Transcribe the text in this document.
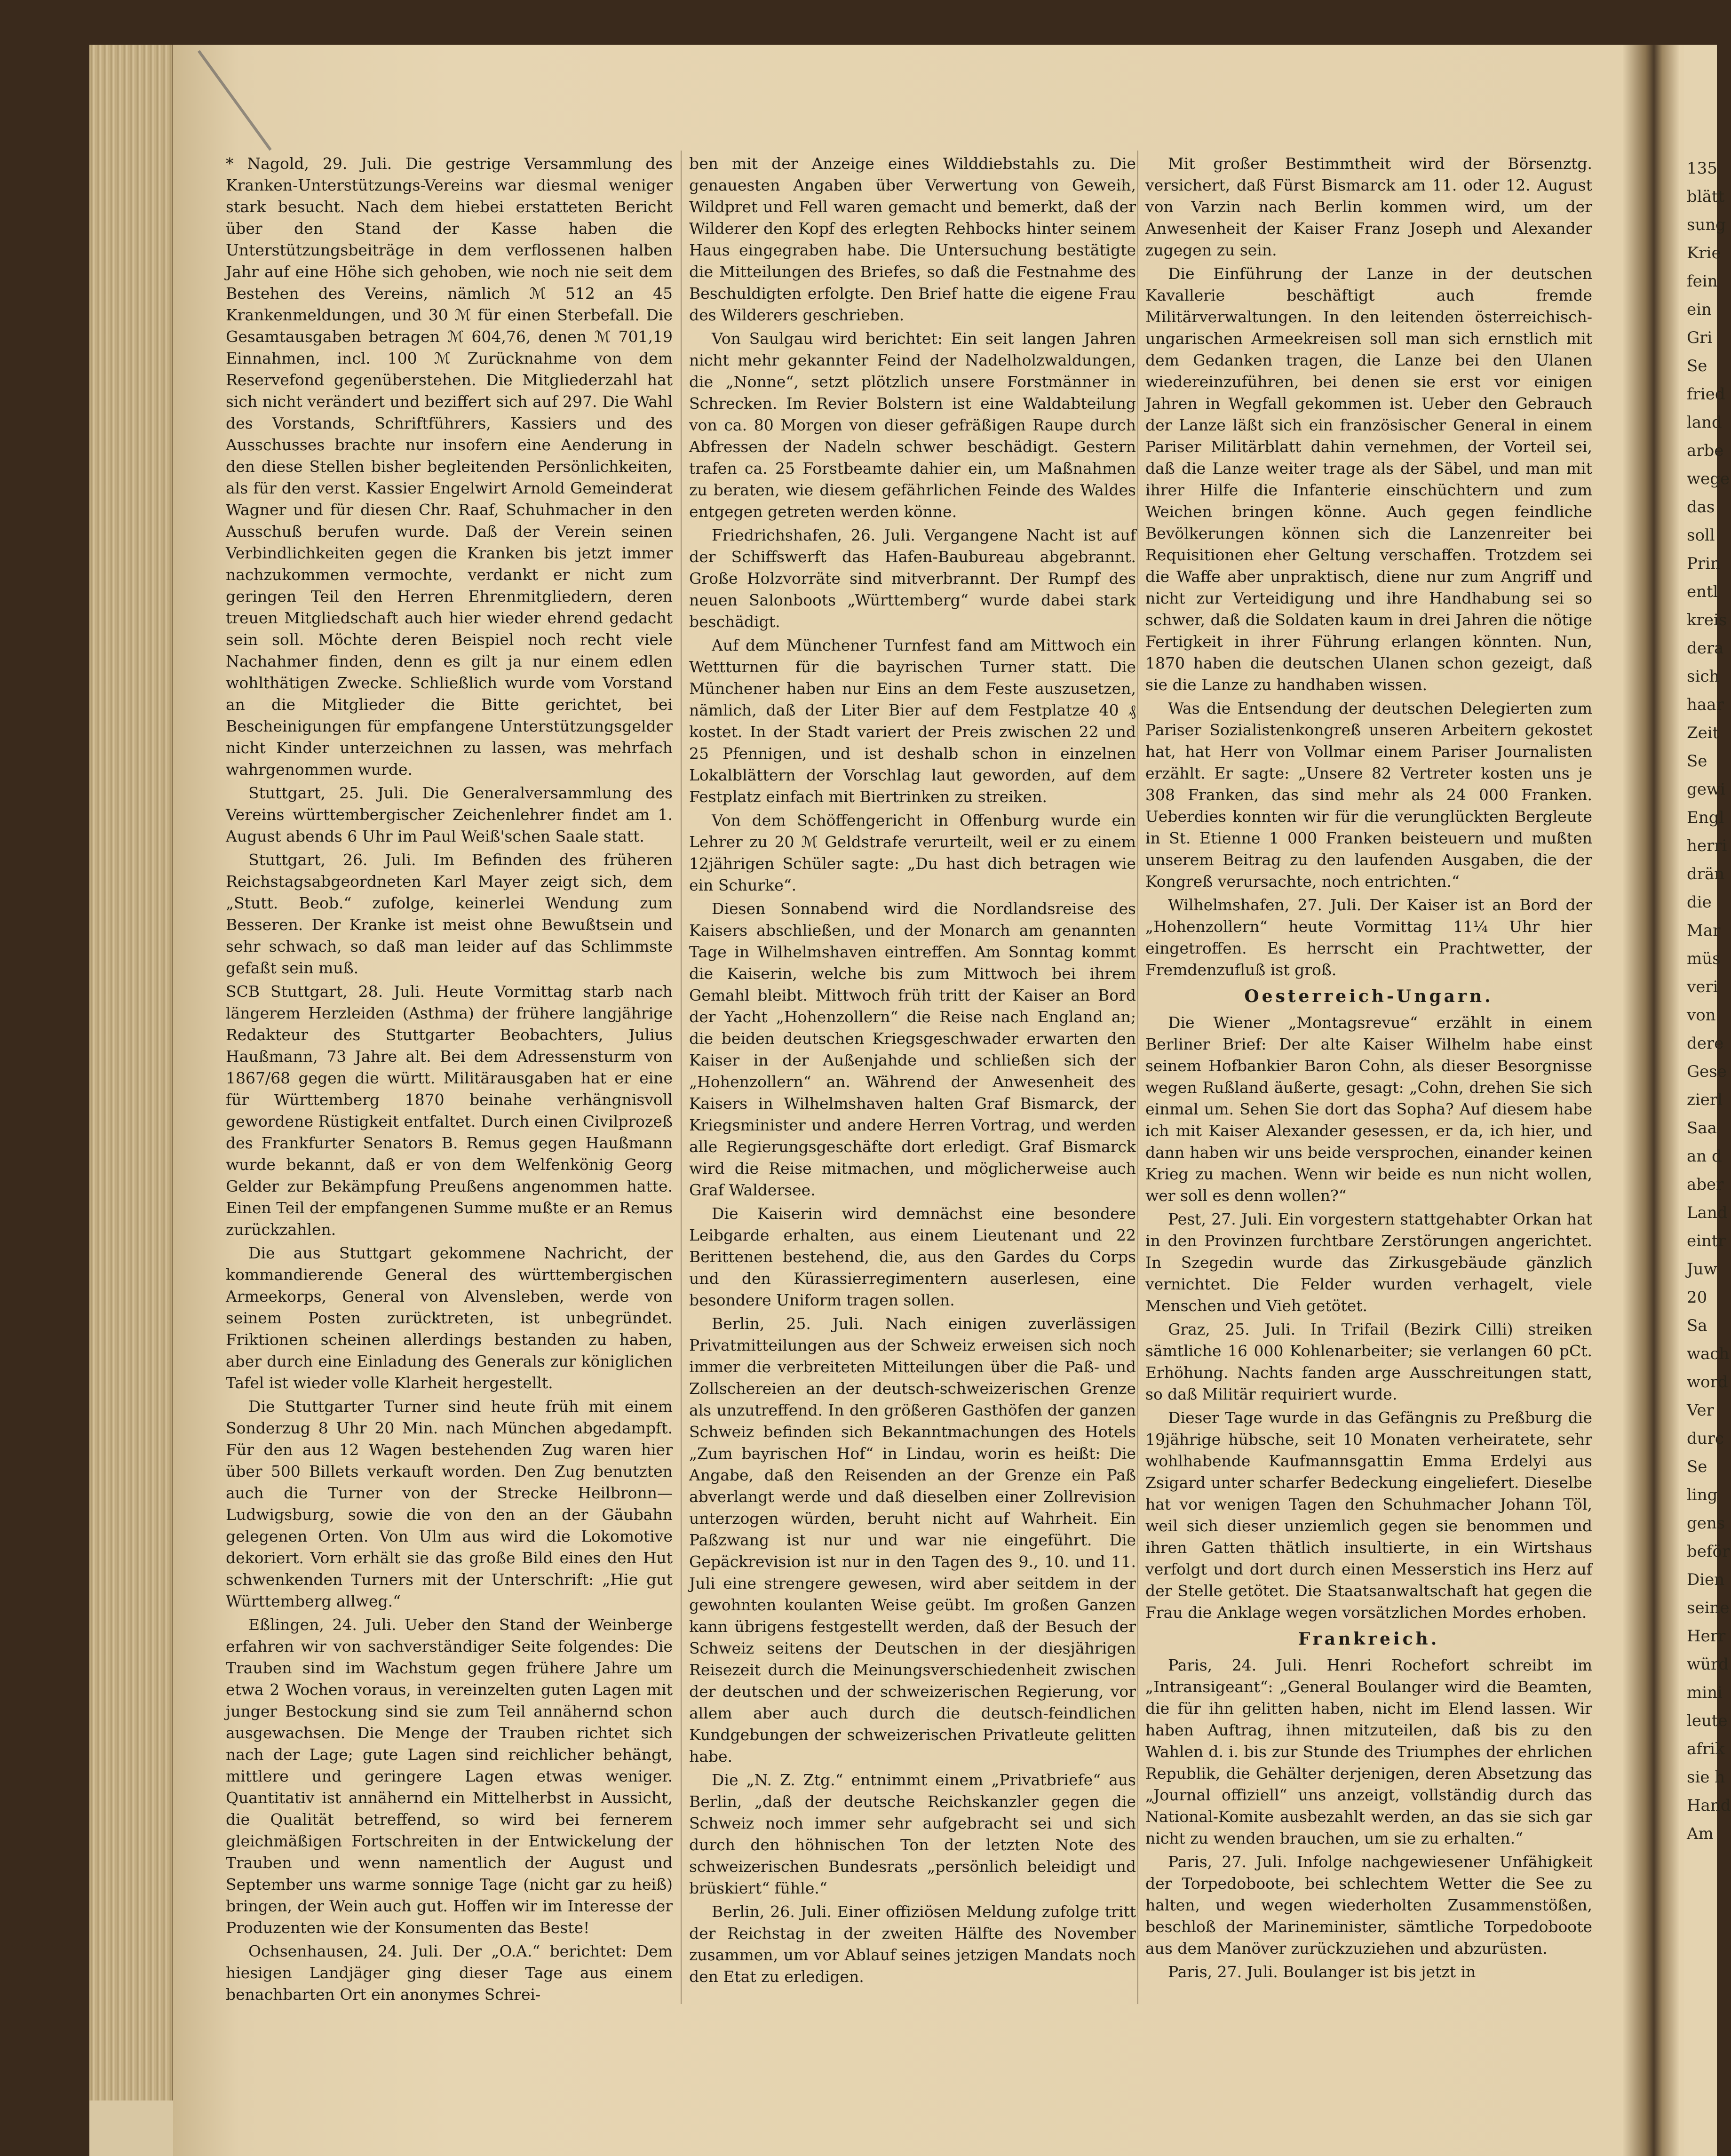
135
blätt
sung
Krie
fein
ein
Gri
Se
fried
land
arbe
wege
das
soll
Prin
entl
kreis
dera
sich
haar
Zeit
Se
gewi
Engl
herri
drän
die
Mar
müs
veri
von
dere
Gese
zierl
Saa
an d
aber
Land
eintr
Juw
20
Sa
wach
word
Ver
durc
Se
ling
gens
beför
Dien
seine
Herr
würd
mini
leute
afrik
sie h
Hand
Am

* Nagold, 29. Juli. Die gestrige Versammlung des Kranken-Unterstützungs-Vereins war diesmal weniger stark besucht. Nach dem hiebei erstatteten Bericht über den Stand der Kasse haben die Unterstützungsbeiträge in dem verflossenen halben Jahr auf eine Höhe sich gehoben, wie noch nie seit dem Bestehen des Vereins, nämlich ℳ 512 an 45 Krankenmeldungen, und 30 ℳ für einen Sterbefall. Die Gesamtausgaben betragen ℳ 604,76, denen ℳ 701,19 Einnahmen, incl. 100 ℳ Zurücknahme von dem Reservefond gegenüberstehen. Die Mitgliederzahl hat sich nicht verändert und beziffert sich auf 297. Die Wahl des Vorstands, Schriftführers, Kassiers und des Ausschusses brachte nur insofern eine Aenderung in den diese Stellen bisher begleitenden Persönlichkeiten, als für den verst. Kassier Engelwirt Arnold Gemeinderat Wagner und für diesen Chr. Raaf, Schuhmacher in den Ausschuß berufen wurde. Daß der Verein seinen Verbindlichkeiten gegen die Kranken bis jetzt immer nachzukommen vermochte, verdankt er nicht zum geringen Teil den Herren Ehrenmitgliedern, deren treuen Mitgliedschaft auch hier wieder ehrend gedacht sein soll. Möchte deren Beispiel noch recht viele Nachahmer finden, denn es gilt ja nur einem edlen wohlthätigen Zwecke. Schließlich wurde vom Vorstand an die Mitglieder die Bitte gerichtet, bei Bescheinigungen für empfangene Unterstützungsgelder nicht Kinder unterzeichnen zu lassen, was mehrfach wahrgenommen wurde.

Stuttgart, 25. Juli. Die Generalversammlung des Vereins württembergischer Zeichenlehrer findet am 1. August abends 6 Uhr im Paul Weiß'schen Saale statt.

Stuttgart, 26. Juli. Im Befinden des früheren Reichstagsabgeordneten Karl Mayer zeigt sich, dem „Stutt. Beob.“ zufolge, keinerlei Wendung zum Besseren. Der Kranke ist meist ohne Bewußtsein und sehr schwach, so daß man leider auf das Schlimmste gefaßt sein muß.

SCB Stuttgart, 28. Juli. Heute Vormittag starb nach längerem Herzleiden (Asthma) der frühere langjährige Redakteur des Stuttgarter Beobachters, Julius Haußmann, 73 Jahre alt. Bei dem Adressensturm von 1867/68 gegen die württ. Militärausgaben hat er eine für Württemberg 1870 beinahe verhängnisvoll gewordene Rüstigkeit entfaltet. Durch einen Civilprozeß des Frankfurter Senators B. Remus gegen Haußmann wurde bekannt, daß er von dem Welfenkönig Georg Gelder zur Bekämpfung Preußens angenommen hatte. Einen Teil der empfangenen Summe mußte er an Remus zurückzahlen.

Die aus Stuttgart gekommene Nachricht, der kommandierende General des württembergischen Armeekorps, General von Alvensleben, werde von seinem Posten zurücktreten, ist unbegründet. Friktionen scheinen allerdings bestanden zu haben, aber durch eine Einladung des Generals zur königlichen Tafel ist wieder volle Klarheit hergestellt.

Die Stuttgarter Turner sind heute früh mit einem Sonderzug 8 Uhr 20 Min. nach München abgedampft. Für den aus 12 Wagen bestehenden Zug waren hier über 500 Billets verkauft worden. Den Zug benutzten auch die Turner von der Strecke Heilbronn—Ludwigsburg, sowie die von den an der Gäubahn gelegenen Orten. Von Ulm aus wird die Lokomotive dekoriert. Vorn erhält sie das große Bild eines den Hut schwenkenden Turners mit der Unterschrift: „Hie gut Württemberg allweg.“

Eßlingen, 24. Juli. Ueber den Stand der Weinberge erfahren wir von sachverständiger Seite folgendes: Die Trauben sind im Wachstum gegen frühere Jahre um etwa 2 Wochen voraus, in vereinzelten guten Lagen mit junger Bestockung sind sie zum Teil annähernd schon ausgewachsen. Die Menge der Trauben richtet sich nach der Lage; gute Lagen sind reichlicher behängt, mittlere und geringere Lagen etwas weniger. Quantitativ ist annähernd ein Mittelherbst in Aussicht, die Qualität betreffend, so wird bei fernerem gleichmäßigen Fortschreiten in der Entwickelung der Trauben und wenn namentlich der August und September uns warme sonnige Tage (nicht gar zu heiß) bringen, der Wein auch gut. Hoffen wir im Interesse der Produzenten wie der Konsumenten das Beste!

Ochsenhausen, 24. Juli. Der „O.A.“ berichtet: Dem hiesigen Landjäger ging dieser Tage aus einem benachbarten Ort ein anonymes Schrei-

ben mit der Anzeige eines Wilddiebstahls zu. Die genauesten Angaben über Verwertung von Geweih, Wildpret und Fell waren gemacht und bemerkt, daß der Wilderer den Kopf des erlegten Rehbocks hinter seinem Haus eingegraben habe. Die Untersuchung bestätigte die Mitteilungen des Briefes, so daß die Festnahme des Beschuldigten erfolgte. Den Brief hatte die eigene Frau des Wilderers geschrieben.

Von Saulgau wird berichtet: Ein seit langen Jahren nicht mehr gekannter Feind der Nadelholzwaldungen, die „Nonne“, setzt plötzlich unsere Forstmänner in Schrecken. Im Revier Bolstern ist eine Waldabteilung von ca. 80 Morgen von dieser gefräßigen Raupe durch Abfressen der Nadeln schwer beschädigt. Gestern trafen ca. 25 Forstbeamte dahier ein, um Maßnahmen zu beraten, wie diesem gefährlichen Feinde des Waldes entgegen getreten werden könne.

Friedrichshafen, 26. Juli. Vergangene Nacht ist auf der Schiffswerft das Hafen-Baubureau abgebrannt. Große Holzvorräte sind mitverbrannt. Der Rumpf des neuen Salonboots „Württemberg“ wurde dabei stark beschädigt.

Auf dem Münchener Turnfest fand am Mittwoch ein Wettturnen für die bayrischen Turner statt. Die Münchener haben nur Eins an dem Feste auszusetzen, nämlich, daß der Liter Bier auf dem Festplatze 40 ₰ kostet. In der Stadt variert der Preis zwischen 22 und 25 Pfennigen, und ist deshalb schon in einzelnen Lokalblättern der Vorschlag laut geworden, auf dem Festplatz einfach mit Biertrinken zu streiken.

Von dem Schöffengericht in Offenburg wurde ein Lehrer zu 20 ℳ Geldstrafe verurteilt, weil er zu einem 12jährigen Schüler sagte: „Du hast dich betragen wie ein Schurke“.

Diesen Sonnabend wird die Nordlandsreise des Kaisers abschließen, und der Monarch am genannten Tage in Wilhelmshaven eintreffen. Am Sonntag kommt die Kaiserin, welche bis zum Mittwoch bei ihrem Gemahl bleibt. Mittwoch früh tritt der Kaiser an Bord der Yacht „Hohenzollern“ die Reise nach England an; die beiden deutschen Kriegsgeschwader erwarten den Kaiser in der Außenjahde und schließen sich der „Hohenzollern“ an. Während der Anwesenheit des Kaisers in Wilhelmshaven halten Graf Bismarck, der Kriegsminister und andere Herren Vortrag, und werden alle Regierungsgeschäfte dort erledigt. Graf Bismarck wird die Reise mitmachen, und möglicherweise auch Graf Waldersee.

Die Kaiserin wird demnächst eine besondere Leibgarde erhalten, aus einem Lieutenant und 22 Berittenen bestehend, die, aus den Gardes du Corps und den Kürassierregimentern auserlesen, eine besondere Uniform tragen sollen.

Berlin, 25. Juli. Nach einigen zuverlässigen Privatmitteilungen aus der Schweiz erweisen sich noch immer die verbreiteten Mitteilungen über die Paß- und Zollschereien an der deutsch-schweizerischen Grenze als unzutreffend. In den größeren Gasthöfen der ganzen Schweiz befinden sich Bekanntmachungen des Hotels „Zum bayrischen Hof“ in Lindau, worin es heißt: Die Angabe, daß den Reisenden an der Grenze ein Paß abverlangt werde und daß dieselben einer Zollrevision unterzogen würden, beruht nicht auf Wahrheit. Ein Paßzwang ist nur und war nie eingeführt. Die Gepäckrevision ist nur in den Tagen des 9., 10. und 11. Juli eine strengere gewesen, wird aber seitdem in der gewohnten koulanten Weise geübt. Im großen Ganzen kann übrigens festgestellt werden, daß der Besuch der Schweiz seitens der Deutschen in der diesjährigen Reisezeit durch die Meinungsverschiedenheit zwischen der deutschen und der schweizerischen Regierung, vor allem aber auch durch die deutsch-feindlichen Kundgebungen der schweizerischen Privatleute gelitten habe.

Die „N. Z. Ztg.“ entnimmt einem „Privatbriefe“ aus Berlin, „daß der deutsche Reichskanzler gegen die Schweiz noch immer sehr aufgebracht sei und sich durch den höhnischen Ton der letzten Note des schweizerischen Bundesrats „persönlich beleidigt und brüskiert“ fühle.“

Berlin, 26. Juli. Einer offiziösen Meldung zufolge tritt der Reichstag in der zweiten Hälfte des November zusammen, um vor Ablauf seines jetzigen Mandats noch den Etat zu erledigen.

Mit großer Bestimmtheit wird der Börsenztg. versichert, daß Fürst Bismarck am 11. oder 12. August von Varzin nach Berlin kommen wird, um der Anwesenheit der Kaiser Franz Joseph und Alexander zugegen zu sein.

Die Einführung der Lanze in der deutschen Kavallerie beschäftigt auch fremde Militärverwaltungen. In den leitenden österreichisch-ungarischen Armeekreisen soll man sich ernstlich mit dem Gedanken tragen, die Lanze bei den Ulanen wiedereinzuführen, bei denen sie erst vor einigen Jahren in Wegfall gekommen ist. Ueber den Gebrauch der Lanze läßt sich ein französischer General in einem Pariser Militärblatt dahin vernehmen, der Vorteil sei, daß die Lanze weiter trage als der Säbel, und man mit ihrer Hilfe die Infanterie einschüchtern und zum Weichen bringen könne. Auch gegen feindliche Bevölkerungen können sich die Lanzenreiter bei Requisitionen eher Geltung verschaffen. Trotzdem sei die Waffe aber unpraktisch, diene nur zum Angriff und nicht zur Verteidigung und ihre Handhabung sei so schwer, daß die Soldaten kaum in drei Jahren die nötige Fertigkeit in ihrer Führung erlangen könnten. Nun, 1870 haben die deutschen Ulanen schon gezeigt, daß sie die Lanze zu handhaben wissen.

Was die Entsendung der deutschen Delegierten zum Pariser Sozialistenkongreß unseren Arbeitern gekostet hat, hat Herr von Vollmar einem Pariser Journalisten erzählt. Er sagte: „Unsere 82 Vertreter kosten uns je 308 Franken, das sind mehr als 24 000 Franken. Ueberdies konnten wir für die verunglückten Bergleute in St. Etienne 1 000 Franken beisteuern und mußten unserem Beitrag zu den laufenden Ausgaben, die der Kongreß verursachte, noch entrichten.“

Wilhelmshafen, 27. Juli. Der Kaiser ist an Bord der „Hohenzollern“ heute Vormittag 11¼ Uhr hier eingetroffen. Es herrscht ein Prachtwetter, der Fremdenzufluß ist groß.

Oesterreich-Ungarn.

Die Wiener „Montagsrevue“ erzählt in einem Berliner Brief: Der alte Kaiser Wilhelm habe einst seinem Hofbankier Baron Cohn, als dieser Besorgnisse wegen Rußland äußerte, gesagt: „Cohn, drehen Sie sich einmal um. Sehen Sie dort das Sopha? Auf diesem habe ich mit Kaiser Alexander gesessen, er da, ich hier, und dann haben wir uns beide versprochen, einander keinen Krieg zu machen. Wenn wir beide es nun nicht wollen, wer soll es denn wollen?“

Pest, 27. Juli. Ein vorgestern stattgehabter Orkan hat in den Provinzen furchtbare Zerstörungen angerichtet. In Szegedin wurde das Zirkusgebäude gänzlich vernichtet. Die Felder wurden verhagelt, viele Menschen und Vieh getötet.

Graz, 25. Juli. In Trifail (Bezirk Cilli) streiken sämtliche 16 000 Kohlenarbeiter; sie verlangen 60 pCt. Erhöhung. Nachts fanden arge Ausschreitungen statt, so daß Militär requiriert wurde.

Dieser Tage wurde in das Gefängnis zu Preßburg die 19jährige hübsche, seit 10 Monaten verheiratete, sehr wohlhabende Kaufmannsgattin Emma Erdelyi aus Zsigard unter scharfer Bedeckung eingeliefert. Dieselbe hat vor wenigen Tagen den Schuhmacher Johann Töl, weil sich dieser unziemlich gegen sie benommen und ihren Gatten thätlich insultierte, in ein Wirtshaus verfolgt und dort durch einen Messerstich ins Herz auf der Stelle getötet. Die Staatsanwaltschaft hat gegen die Frau die Anklage wegen vorsätzlichen Mordes erhoben.

Frankreich.

Paris, 24. Juli. Henri Rochefort schreibt im „Intransigeant“: „General Boulanger wird die Beamten, die für ihn gelitten haben, nicht im Elend lassen. Wir haben Auftrag, ihnen mitzuteilen, daß bis zu den Wahlen d. i. bis zur Stunde des Triumphes der ehrlichen Republik, die Gehälter derjenigen, deren Absetzung das „Journal offiziell“ uns anzeigt, vollständig durch das National-Komite ausbezahlt werden, an das sie sich gar nicht zu wenden brauchen, um sie zu erhalten.“

Paris, 27. Juli. Infolge nachgewiesener Unfähigkeit der Torpedoboote, bei schlechtem Wetter die See zu halten, und wegen wiederholten Zusammenstößen, beschloß der Marineminister, sämtliche Torpedoboote aus dem Manöver zurückzuziehen und abzurüsten.

Paris, 27. Juli. Boulanger ist bis jetzt in
